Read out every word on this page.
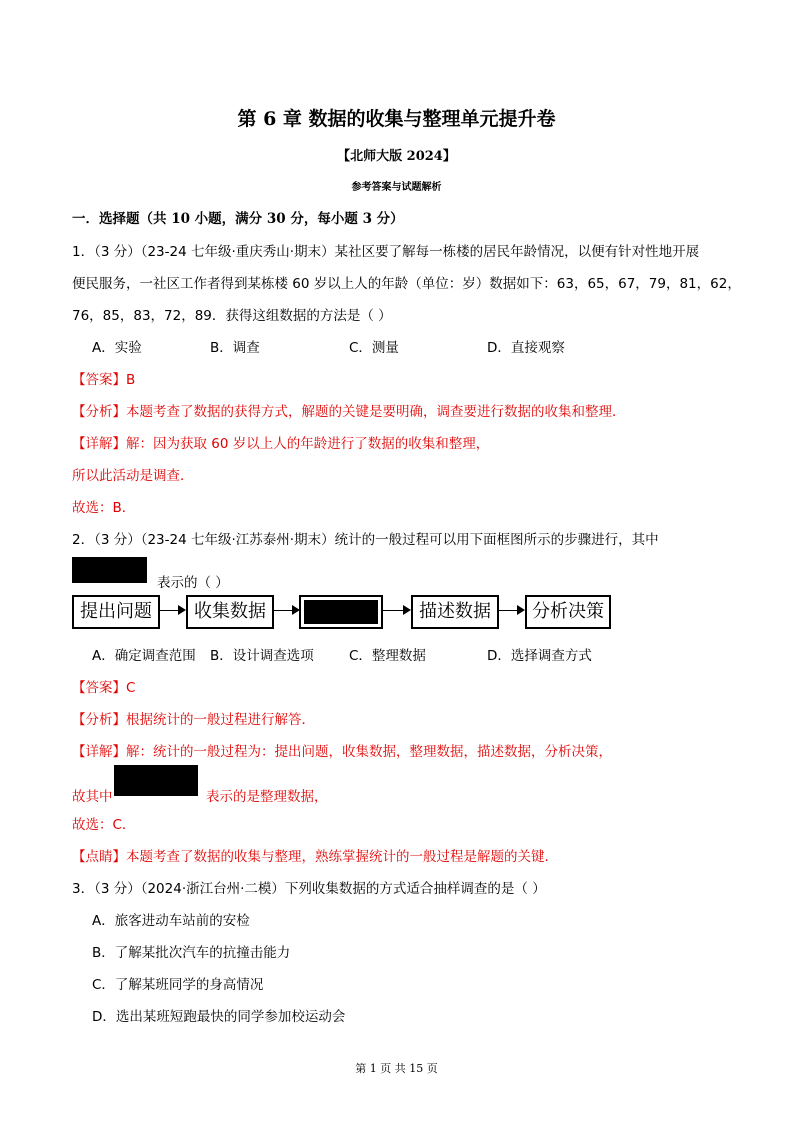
第 6 章 数据的收集与整理单元提升卷
【北师大版 2024】
参考答案与试题解析
一．选择题（共 10 小题，满分 30 分，每小题 3 分）
1．（3 分）（23-24 七年级·重庆秀山·期末）某社区要了解每一栋楼的居民年龄情况，以便有针对性地开展
便民服务，一社区工作者得到某栋楼 60 岁以上人的年龄（单位：岁）数据如下：63，65，67，79，81，62，
76，85，83，72，89．获得这组数据的方法是（ ）
A．实验	B．调查	C．测量	D．直接观察
【答案】B
【分析】本题考查了数据的获得方式，解题的关键是要明确，调查要进行数据的收集和整理．
【详解】解：因为获取 60 岁以上人的年龄进行了数据的收集和整理，
所以此活动是调查．
故选：B．
2．（3 分）（23-24 七年级·江苏泰州·期末）统计的一般过程可以用下面框图所示的步骤进行，其中
表示的（ ）
提出问题	收集数据	描述数据	分析决策
A．确定调查范围 B．设计调查选项	C．整理数据	D．选择调查方式
【答案】C
【分析】根据统计的一般过程进行解答．
【详解】解：统计的一般过程为：提出问题，收集数据，整理数据，描述数据，分析决策，
故其中	表示的是整理数据，
故选：C．
【点睛】本题考查了数据的收集与整理，熟练掌握统计的一般过程是解题的关键．
3．（3 分）（2024·浙江台州·二模）下列收集数据的方式适合抽样调查的是（ ）
A．旅客进动车站前的安检
B．了解某批次汽车的抗撞击能力
C．了解某班同学的身高情况
D．选出某班短跑最快的同学参加校运动会
第 1 页 共 15 页
